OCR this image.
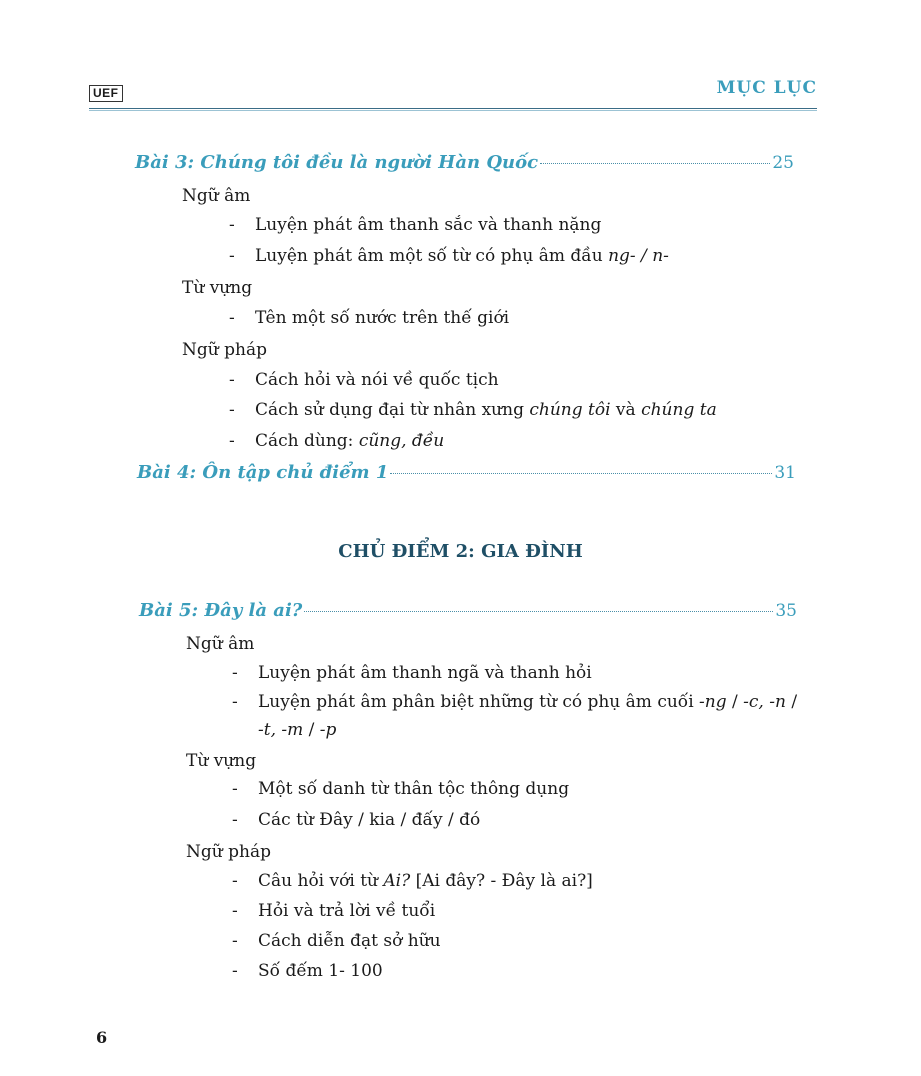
UEF	MỤC LỤC
Bài 3: Chúng tôi đều là người Hàn Quốc	25
Ngữ âm
- Luyện phát âm thanh sắc và thanh nặng
- Luyện phát âm một số từ có phụ âm đầu ng- / n-
Từ vựng
- Tên một số nước trên thế giới
Ngữ pháp
- Cách hỏi và nói về quốc tịch
- Cách sử dụng đại từ nhân xưng chúng tôi và chúng ta
- Cách dùng: cũng, đều
Bài 4: Ôn tập chủ điểm 1	31
CHỦ ĐIỂM 2: GIA ĐÌNH
Bài 5: Đây là ai?	35
Ngữ âm
- Luyện phát âm thanh ngã và thanh hỏi
- Luyện phát âm phân biệt những từ có phụ âm cuối -ng / -c, -n /
-t, -m / -p
Từ vựng
- Một số danh từ thân tộc thông dụng
- Các từ Đây / kia / đấy / đó
Ngữ pháp
- Câu hỏi với từ Ai? [Ai đây? - Đây là ai?]
- Hỏi và trả lời về tuổi
- Cách diễn đạt sở hữu
- Số đếm 1- 100
6
